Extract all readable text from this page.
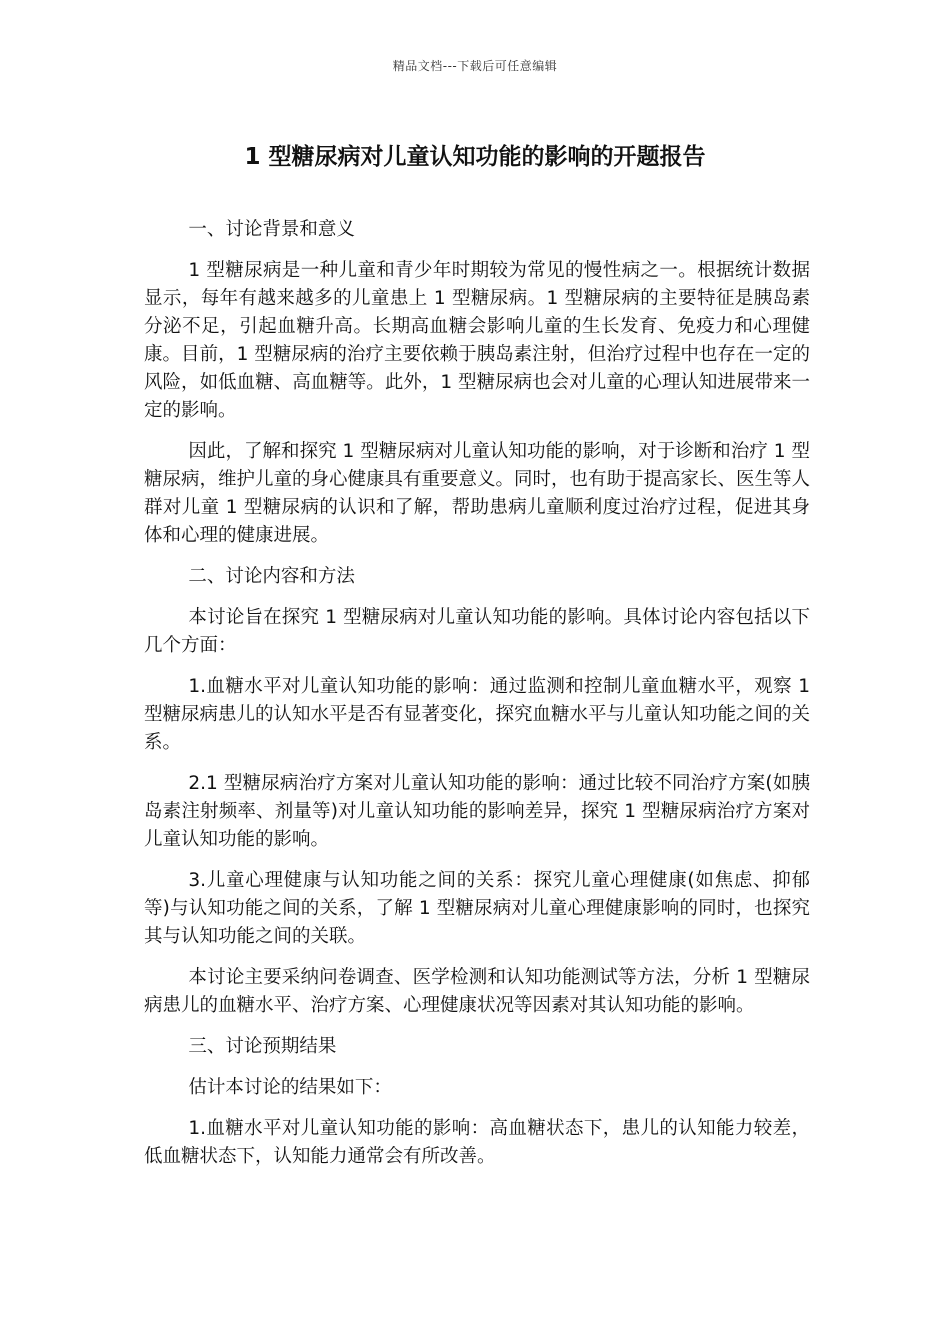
精品文档---下载后可任意编辑
1 型糖尿病对儿童认知功能的影响的开题报告

一、讨论背景和意义

1 型糖尿病是一种儿童和青少年时期较为常见的慢性病之一。根据统计数据显示，每年有越来越多的儿童患上 1 型糖尿病。1 型糖尿病的主要特征是胰岛素分泌不足，引起血糖升高。长期高血糖会影响儿童的生长发育、免疫力和心理健康。目前，1 型糖尿病的治疗主要依赖于胰岛素注射，但治疗过程中也存在一定的风险，如低血糖、高血糖等。此外，1 型糖尿病也会对儿童的心理认知进展带来一定的影响。

因此，了解和探究 1 型糖尿病对儿童认知功能的影响，对于诊断和治疗 1 型糖尿病，维护儿童的身心健康具有重要意义。同时，也有助于提高家长、医生等人群对儿童 1 型糖尿病的认识和了解，帮助患病儿童顺利度过治疗过程，促进其身体和心理的健康进展。

二、讨论内容和方法

本讨论旨在探究 1 型糖尿病对儿童认知功能的影响。具体讨论内容包括以下几个方面：

1.血糖水平对儿童认知功能的影响：通过监测和控制儿童血糖水平，观察 1 型糖尿病患儿的认知水平是否有显著变化，探究血糖水平与儿童认知功能之间的关系。

2.1 型糖尿病治疗方案对儿童认知功能的影响：通过比较不同治疗方案(如胰岛素注射频率、剂量等)对儿童认知功能的影响差异，探究 1 型糖尿病治疗方案对儿童认知功能的影响。

3.儿童心理健康与认知功能之间的关系：探究儿童心理健康(如焦虑、抑郁等)与认知功能之间的关系，了解 1 型糖尿病对儿童心理健康影响的同时，也探究其与认知功能之间的关联。

本讨论主要采纳问卷调查、医学检测和认知功能测试等方法，分析 1 型糖尿病患儿的血糖水平、治疗方案、心理健康状况等因素对其认知功能的影响。

三、讨论预期结果

估计本讨论的结果如下：

1.血糖水平对儿童认知功能的影响：高血糖状态下，患儿的认知能力较差，低血糖状态下，认知能力通常会有所改善。
